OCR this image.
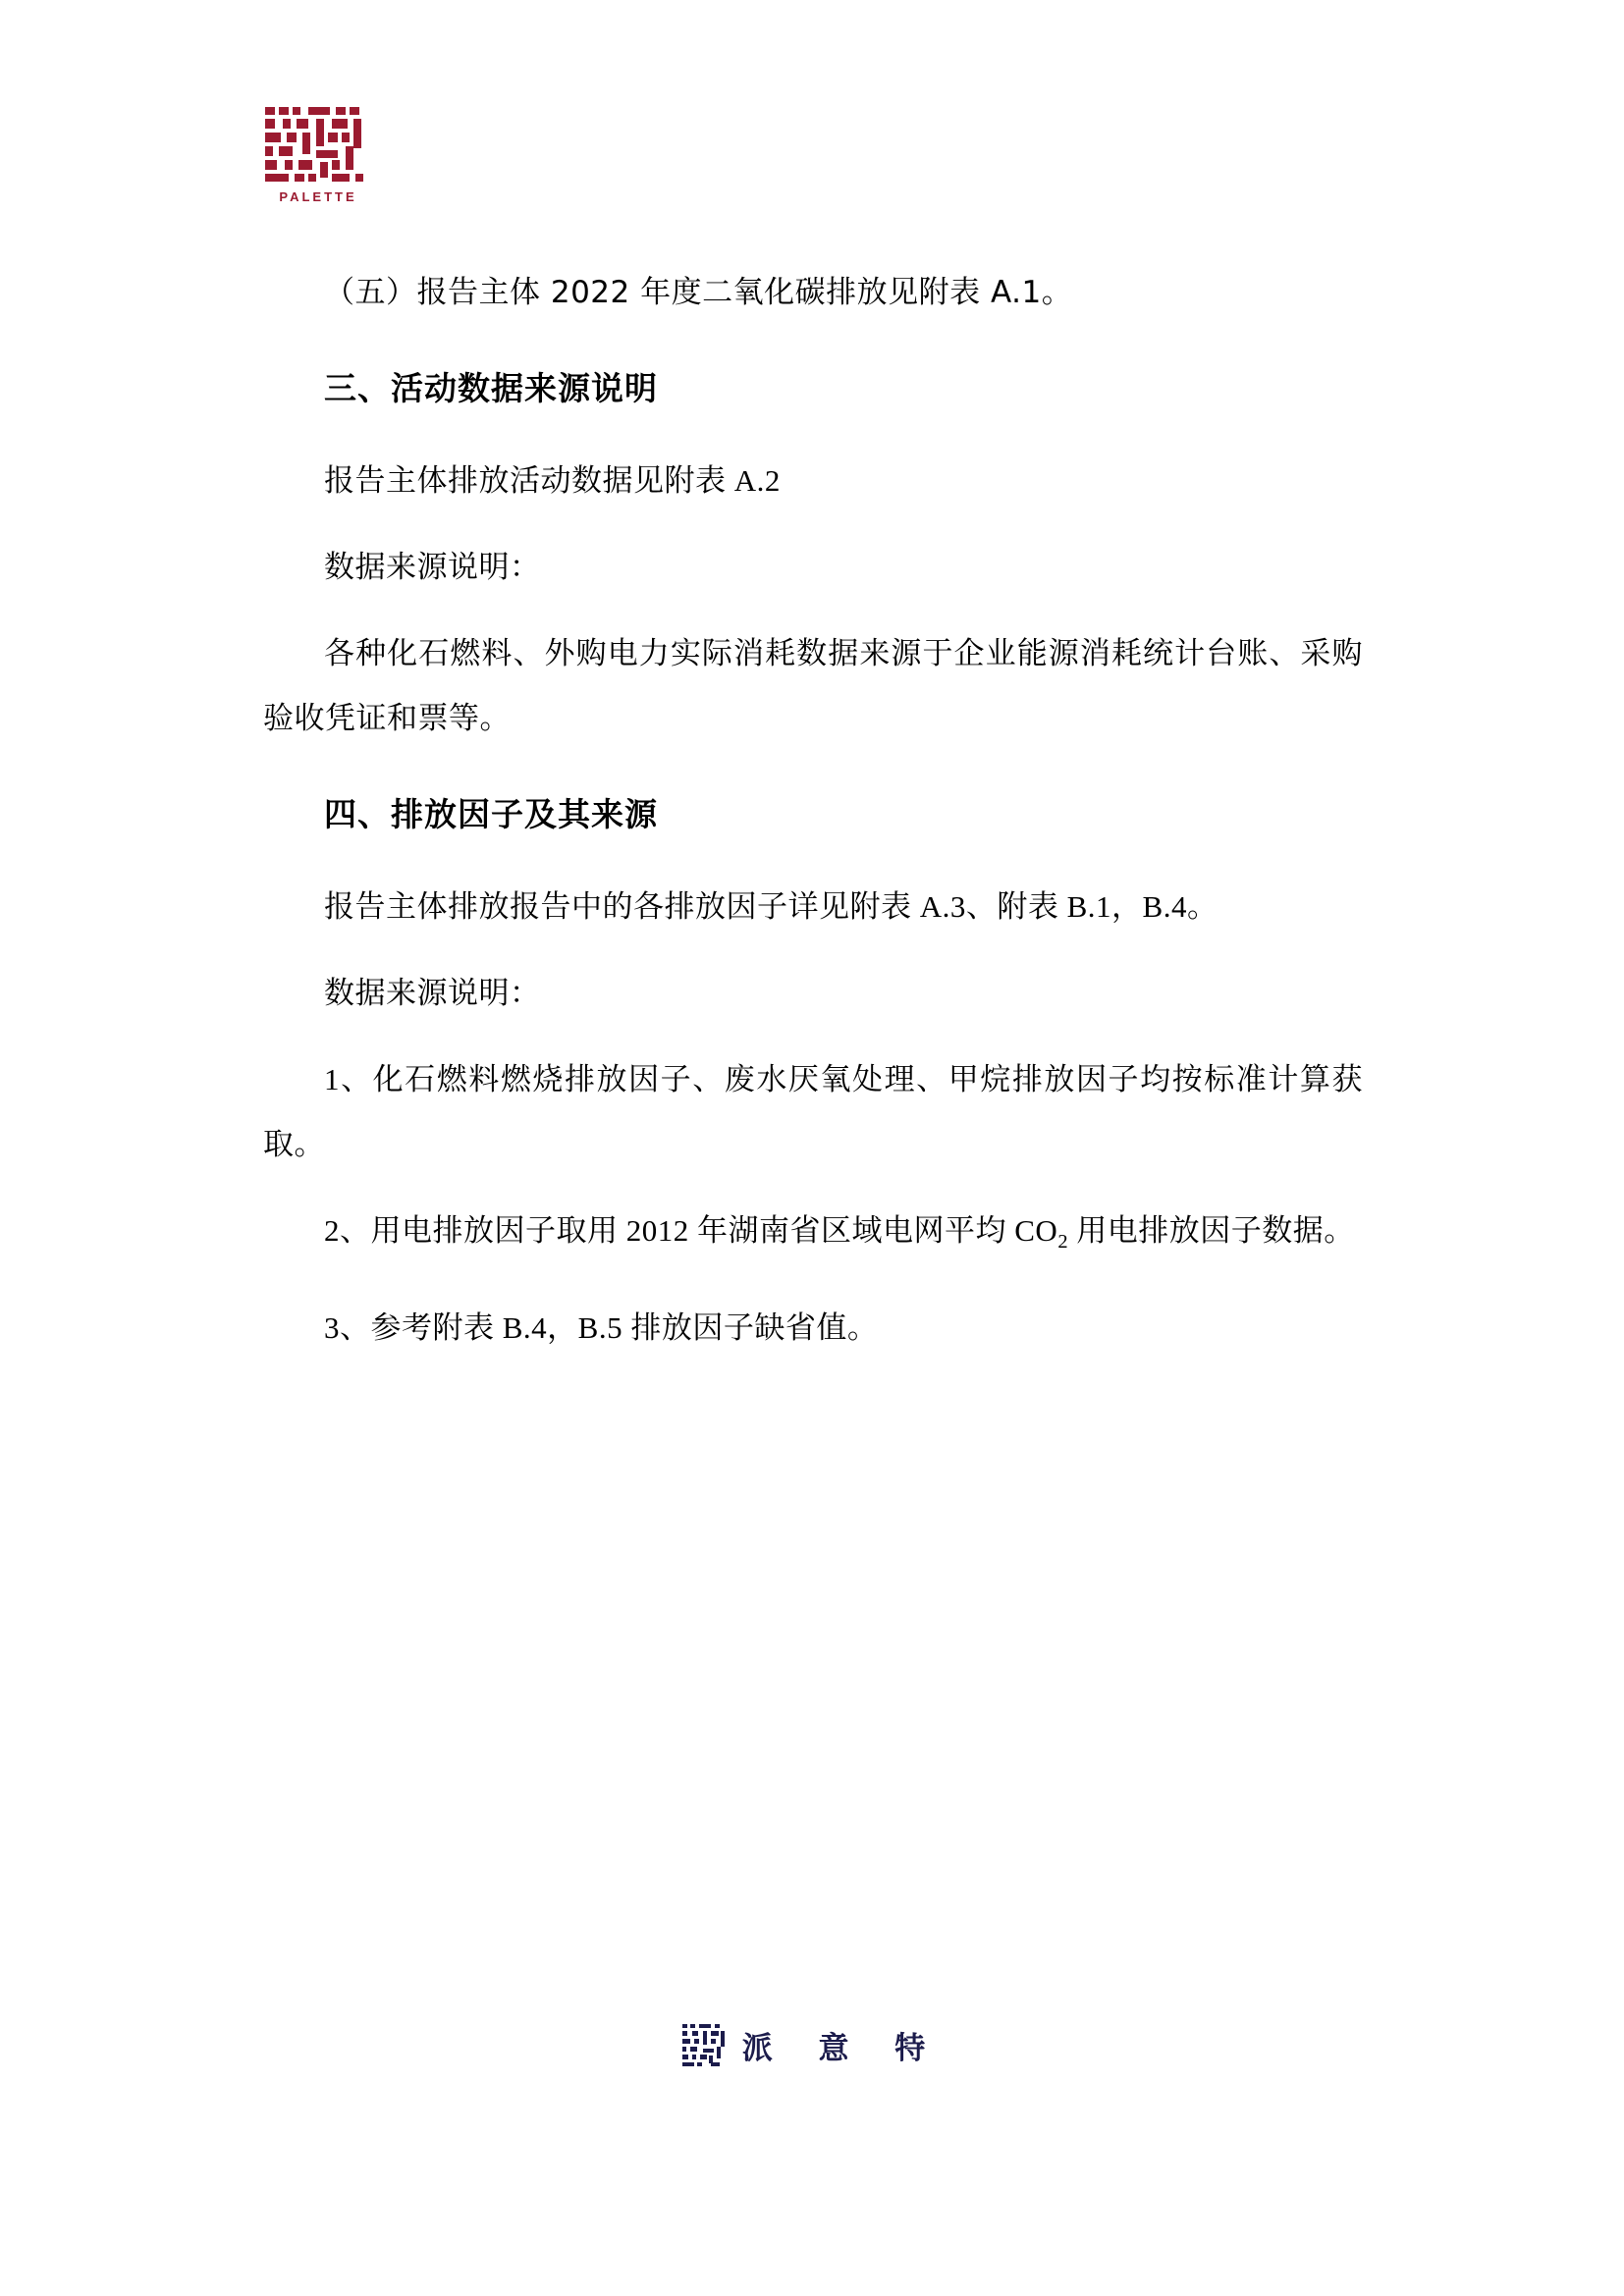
PALETTE

（五）报告主体 2022 年度二氧化碳排放见附表 A.1。

三、活动数据来源说明

报告主体排放活动数据见附表 A.2

数据来源说明：

各种化石燃料、外购电力实际消耗数据来源于企业能源消耗统计台账、采购验收凭证和票等。

四、排放因子及其来源

报告主体排放报告中的各排放因子详见附表 A.3、附表 B.1，B.4。

数据来源说明：

1、化石燃料燃烧排放因子、废水厌氧处理、甲烷排放因子均按标准计算获取。

2、用电排放因子取用 2012 年湖南省区域电网平均 $CO_2$ 用电排放因子数据。

3、参考附表 B.4，B.5 排放因子缺省值。

派 意 特
